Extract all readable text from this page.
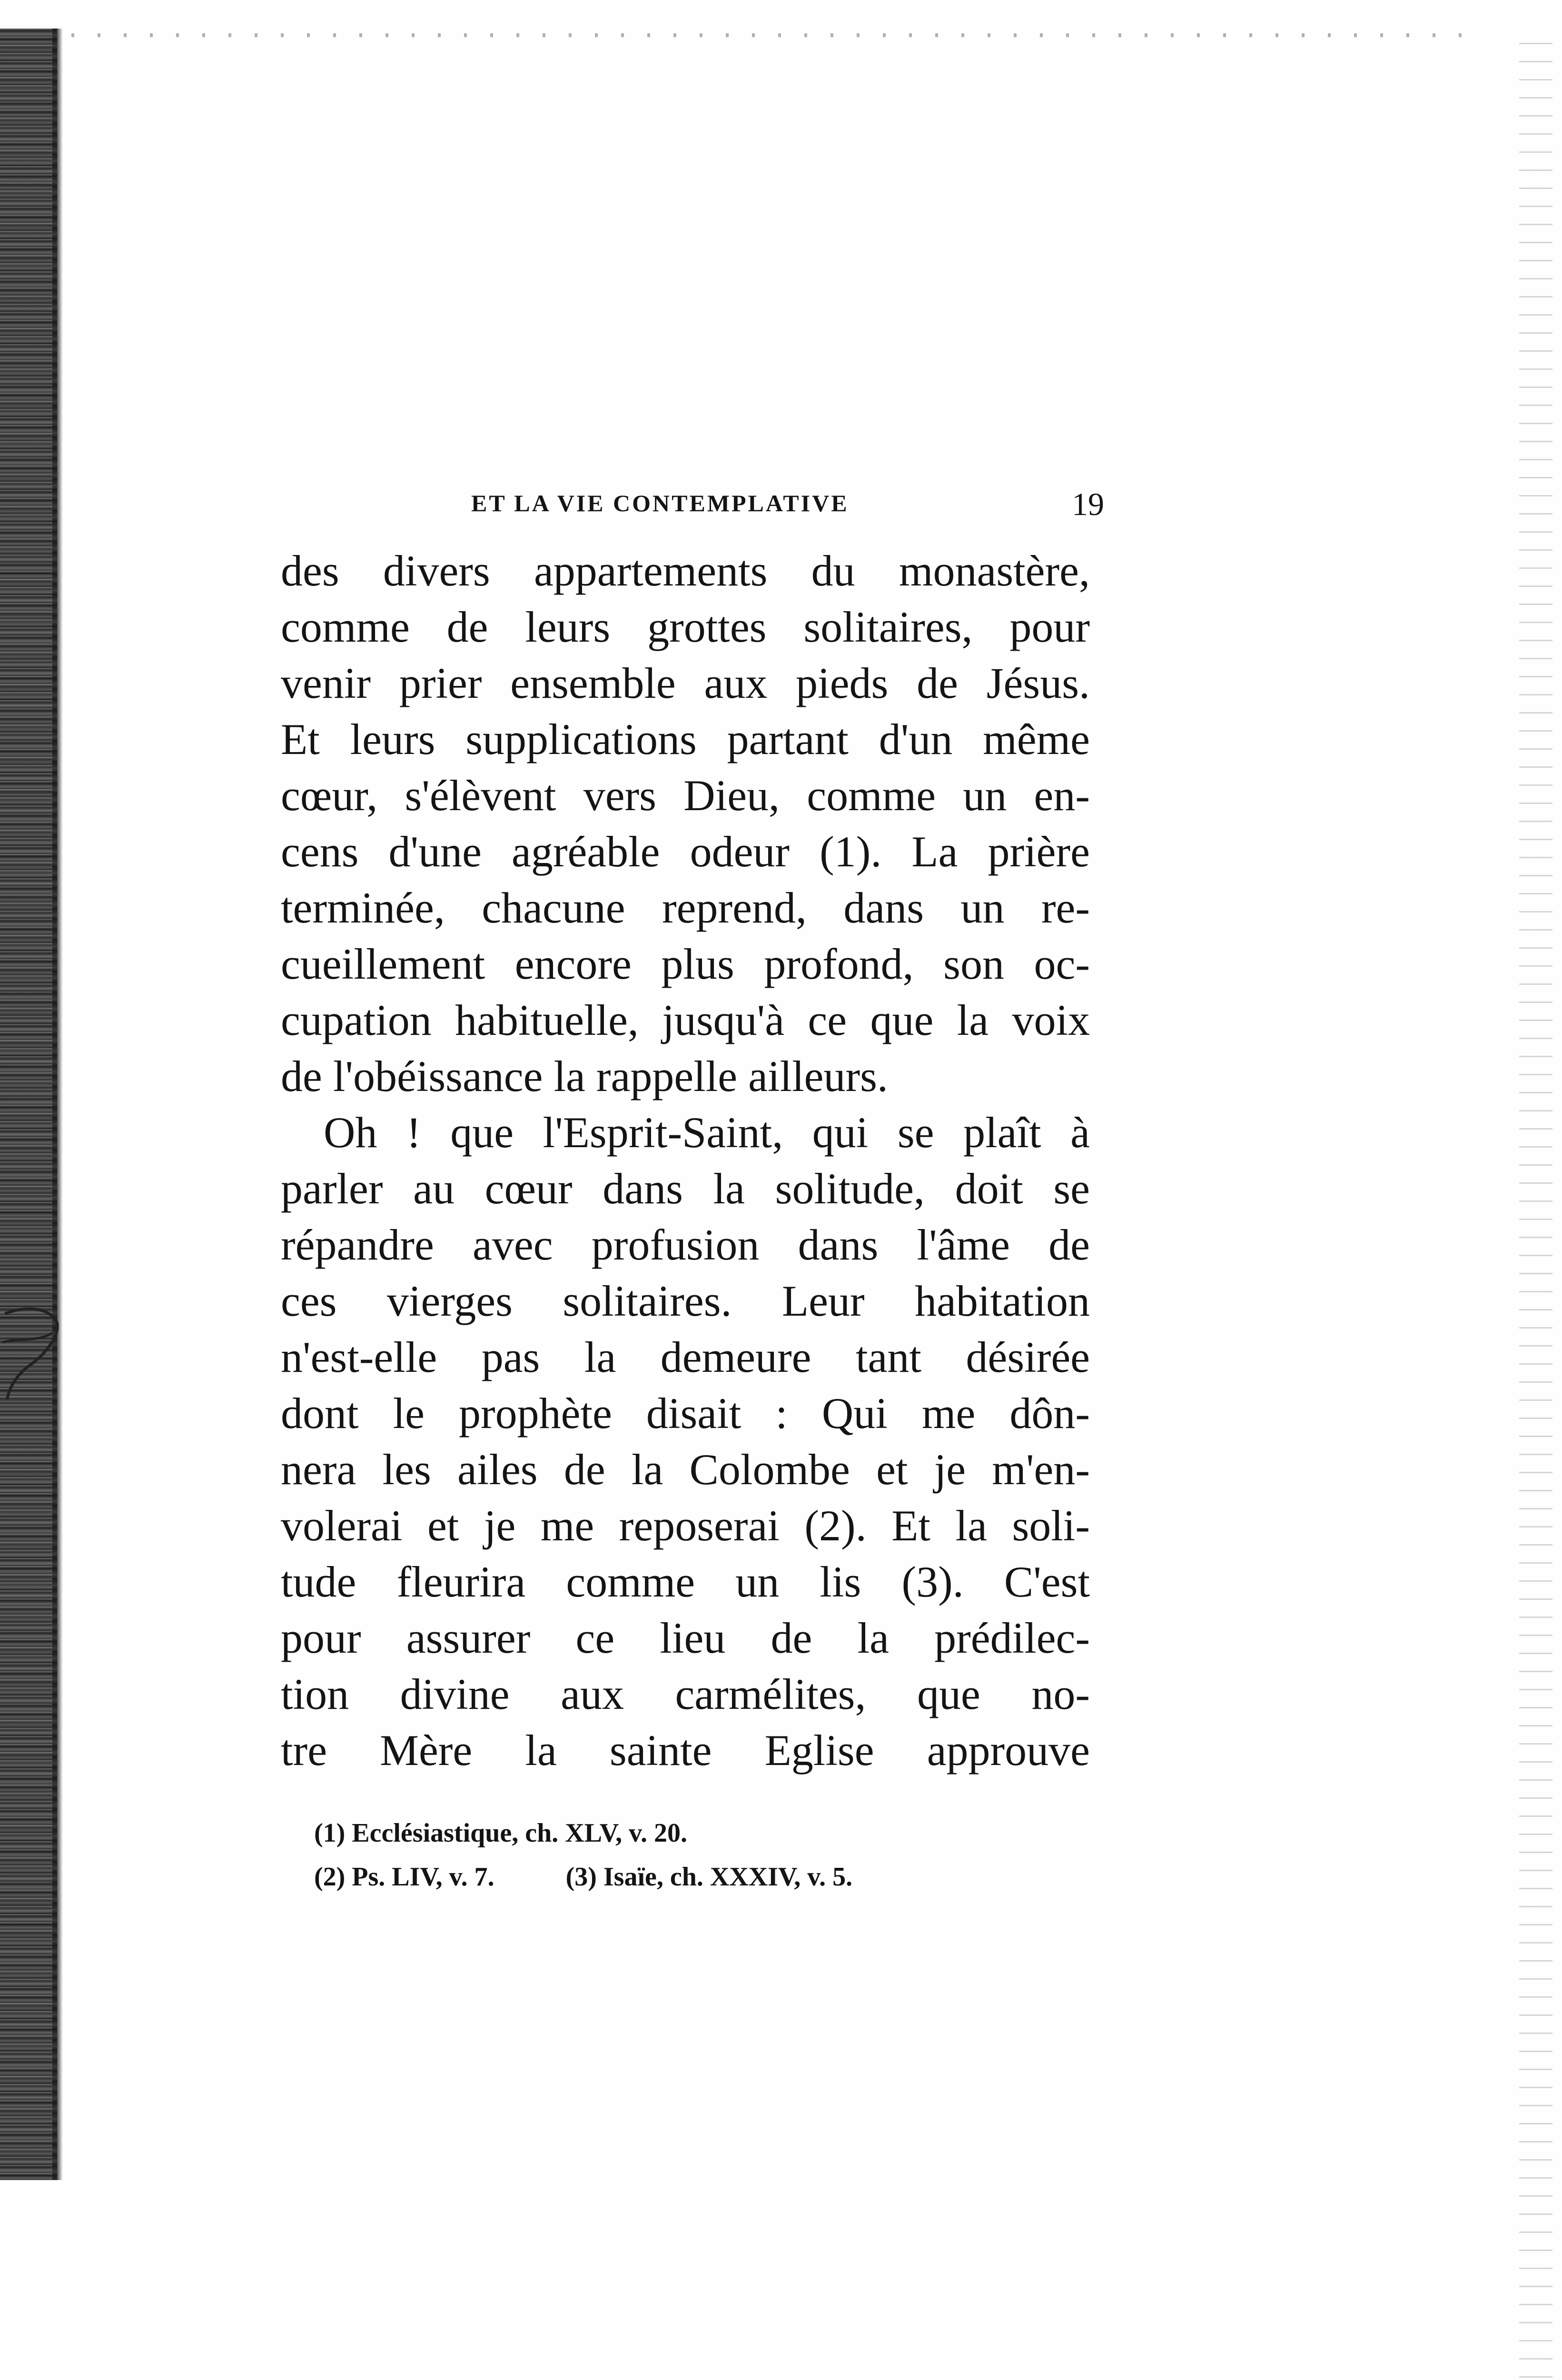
ET LA VIE CONTEMPLATIVE	19
des divers appartements du monastère,
comme de leurs grottes solitaires, pour
venir prier ensemble aux pieds de Jésus.
Et leurs supplications partant d'un même
cœur, s'élèvent vers Dieu, comme un en-
cens d'une agréable odeur (1). La prière
terminée, chacune reprend, dans un re-
cueillement encore plus profond, son oc-
cupation habituelle, jusqu'à ce que la voix
de l'obéissance la rappelle ailleurs.
Oh ! que l'Esprit-Saint, qui se plaît à
parler au cœur dans la solitude, doit se
répandre avec profusion dans l'âme de
ces vierges solitaires. Leur habitation
n'est-elle pas la demeure tant désirée
dont le prophète disait : Qui me dôn-
nera les ailes de la Colombe et je m'en-
volerai et je me reposerai (2). Et la soli-
tude fleurira comme un lis (3). C'est
pour assurer ce lieu de la prédilec-
tion divine aux carmélites, que no-
tre Mère la sainte Eglise approuve
(1) Ecclésiastique, ch. XLV, v. 20.
(2) Ps. LIV, v. 7.	(3) Isaïe, ch. XXXIV, v. 5.
